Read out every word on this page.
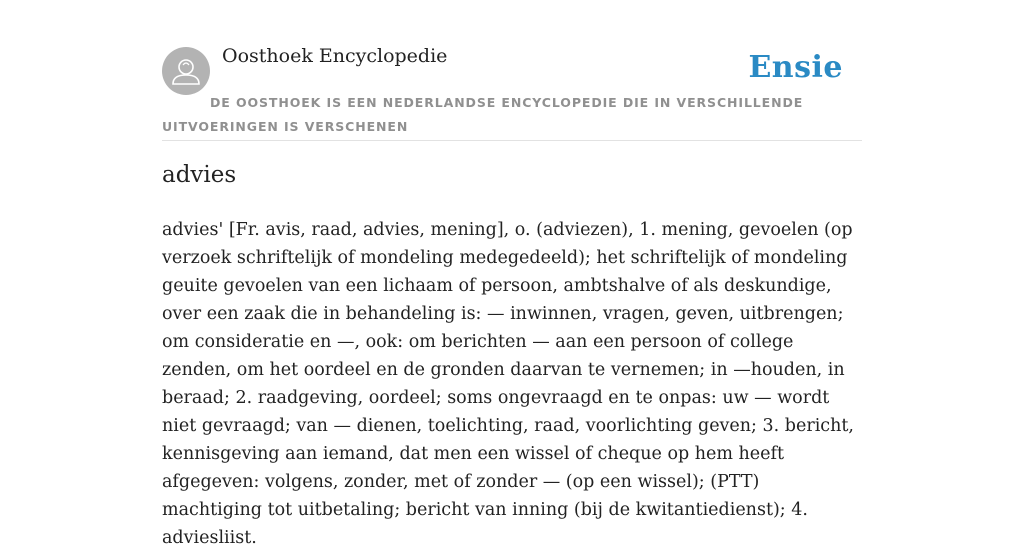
Oosthoek Encyclopedie	Ensie

DE OOSTHOEK IS EEN NEDERLANDSE ENCYCLOPEDIE DIE IN VERSCHILLENDE UITVOERINGEN IS VERSCHENEN

advies

advies' [Fr. avis, raad, advies, mening], o. (adviezen), 1. mening, gevoelen (op verzoek schriftelijk of mondeling medegedeeld); het schriftelijk of mondeling geuite gevoelen van een lichaam of persoon, ambtshalve of als deskundige, over een zaak die in behandeling is: — inwinnen, vragen, geven, uitbrengen; om consideratie en —, ook: om berichten — aan een persoon of college zenden, om het oordeel en de gronden daarvan te vernemen; in —houden, in beraad; 2. raadgeving, oordeel; soms ongevraagd en te onpas: uw — wordt niet gevraagd; van — dienen, toelichting, raad, voorlichting geven; 3. bericht, kennisgeving aan iemand, dat men een wissel of cheque op hem heeft afgegeven: volgens, zonder, met of zonder — (op een wissel); (PTT) machtiging tot uitbetaling; bericht van inning (bij de kwitantiedienst); 4. adviesliist.
